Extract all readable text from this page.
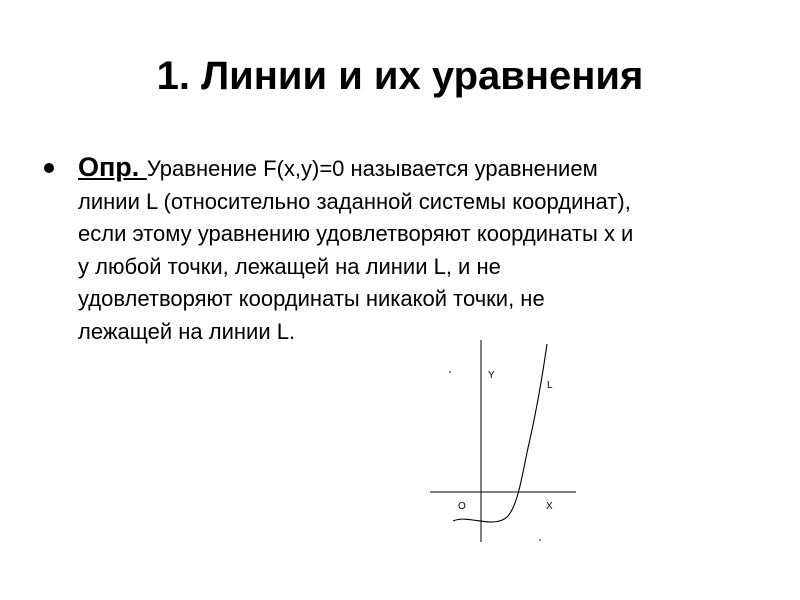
1. Линии и их уравнения
Опр. Уравнение F(x,y)=0 называется уравнением
линии L (относительно заданной системы координат),
если этому уравнению удовлетворяют координаты x и
y любой точки, лежащей на линии L, и не
удовлетворяют координаты никакой точки, не
лежащей на линии L.
Y
L
O	X
